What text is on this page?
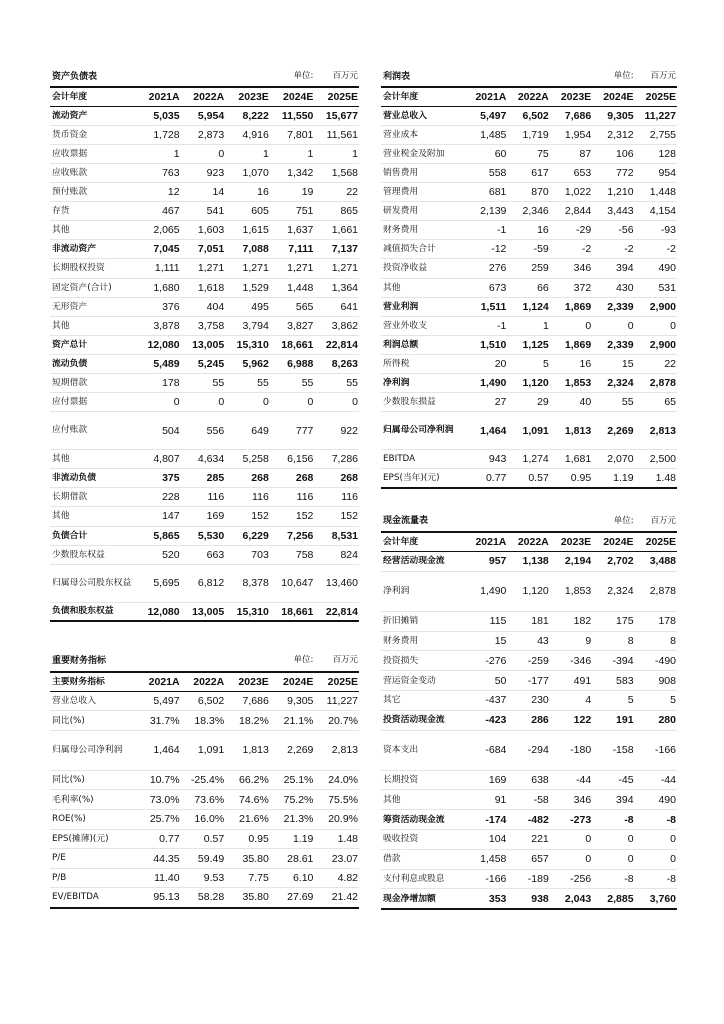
资产负债表				单位:	百万元
会计年度	2021A	2022A	2023E	2024E	2025E
流动资产	5,035	5,954	8,222	11,550	15,677
货币资金	1,728	2,873	4,916	7,801	11,561
应收票据	1	0	1	1	1
应收账款	763	923	1,070	1,342	1,568
预付账款	12	14	16	19	22
存货	467	541	605	751	865
其他	2,065	1,603	1,615	1,637	1,661
非流动资产	7,045	7,051	7,088	7,111	7,137
长期股权投资	1,111	1,271	1,271	1,271	1,271
固定资产(合计)	1,680	1,618	1,529	1,448	1,364
无形资产	376	404	495	565	641
其他	3,878	3,758	3,794	3,827	3,862
资产总计	12,080	13,005	15,310	18,661	22,814
流动负债	5,489	5,245	5,962	6,988	8,263
短期借款	178	55	55	55	55
应付票据	0	0	0	0	0
应付账款	504	556	649	777	922
其他	4,807	4,634	5,258	6,156	7,286
非流动负债	375	285	268	268	268
长期借款	228	116	116	116	116
其他	147	169	152	152	152
负债合计	5,865	5,530	6,229	7,256	8,531
少数股东权益	520	663	703	758	824
归属母公司股东权益	5,695	6,812	8,378	10,647	13,460
负债和股东权益	12,080	13,005	15,310	18,661	22,814
利润表				单位:	百万元
会计年度	2021A	2022A	2023E	2024E	2025E
营业总收入	5,497	6,502	7,686	9,305	11,227
营业成本	1,485	1,719	1,954	2,312	2,755
营业税金及附加	60	75	87	106	128
销售费用	558	617	653	772	954
管理费用	681	870	1,022	1,210	1,448
研发费用	2,139	2,346	2,844	3,443	4,154
财务费用	-1	16	-29	-56	-93
减值损失合计	-12	-59	-2	-2	-2
投资净收益	276	259	346	394	490
其他	673	66	372	430	531
营业利润	1,511	1,124	1,869	2,339	2,900
营业外收支	-1	1	0	0	0
利润总额	1,510	1,125	1,869	2,339	2,900
所得税	20	5	16	15	22
净利润	1,490	1,120	1,853	2,324	2,878
少数股东损益	27	29	40	55	65
归属母公司净利润	1,464	1,091	1,813	2,269	2,813
EBITDA	943	1,274	1,681	2,070	2,500
EPS(当年)(元)	0.77	0.57	0.95	1.19	1.48
现金流量表				单位:	百万元
会计年度	2021A	2022A	2023E	2024E	2025E
经营活动现金流	957	1,138	2,194	2,702	3,488
净利润	1,490	1,120	1,853	2,324	2,878
折旧摊销	115	181	182	175	178
财务费用	15	43	9	8	8
投资损失	-276	-259	-346	-394	-490
营运资金变动	50	-177	491	583	908
其它	-437	230	4	5	5
投资活动现金流	-423	286	122	191	280
资本支出	-684	-294	-180	-158	-166
长期投资	169	638	-44	-45	-44
其他	91	-58	346	394	490
筹资活动现金流	-174	-482	-273	-8	-8
吸收投资	104	221	0	0	0
借款	1,458	657	0	0	0
支付利息或股息	-166	-189	-256	-8	-8
现金净增加额	353	938	2,043	2,885	3,760
重要财务指标				单位:	百万元
主要财务指标	2021A	2022A	2023E	2024E	2025E
营业总收入	5,497	6,502	7,686	9,305	11,227
同比(%)	31.7%	18.3%	18.2%	21.1%	20.7%
归属母公司净利润	1,464	1,091	1,813	2,269	2,813
同比(%)	10.7%	-25.4%	66.2%	25.1%	24.0%
毛利率(%)	73.0%	73.6%	74.6%	75.2%	75.5%
ROE(%)	25.7%	16.0%	21.6%	21.3%	20.9%
EPS(摊薄)(元)	0.77	0.57	0.95	1.19	1.48
P/E	44.35	59.49	35.80	28.61	23.07
P/B	11.40	9.53	7.75	6.10	4.82
EV/EBITDA	95.13	58.28	35.80	27.69	21.42
